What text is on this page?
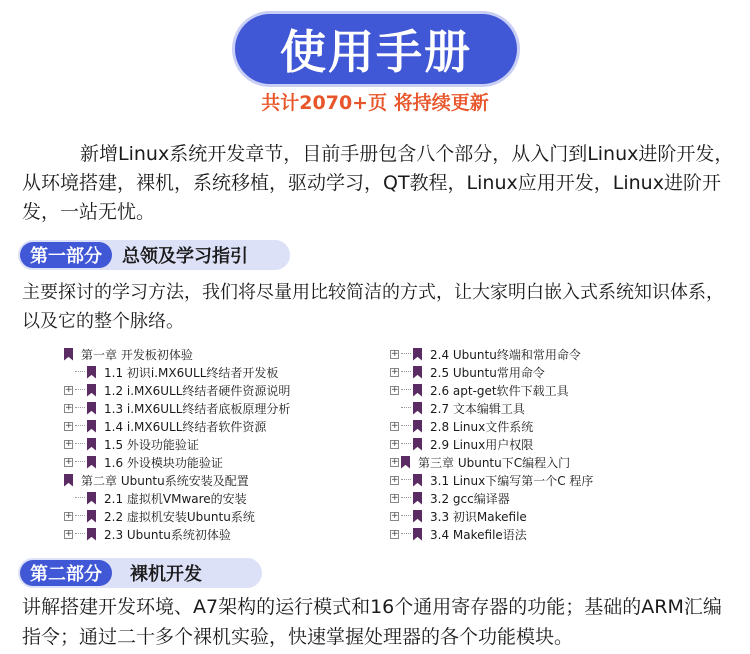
使用手册
共计2070+页 将持续更新
新增Linux系统开发章节，目前手册包含八个部分，从入门到Linux进阶开发，从环境搭建，裸机，系统移植，驱动学习，QT教程，Linux应用开发，Linux进阶开发，一站无忧。
第一部分	总领及学习指引
主要探讨的学习方法，我们将尽量用比较简洁的方式，让大家明白嵌入式系统知识体系，以及它的整个脉络。
第一章 开发板初体验
1.1 初识i.MX6ULL终结者开发板
+	1.2 i.MX6ULL终结者硬件资源说明
+	1.3 i.MX6ULL终结者底板原理分析
+	1.4 i.MX6ULL终结者软件资源
+	1.5 外设功能验证
+	1.6 外设模块功能验证
第二章 Ubuntu系统安装及配置
2.1 虚拟机VMware的安装
+	2.2 虚拟机安装Ubuntu系统
+	2.3 Ubuntu系统初体验
+	2.4 Ubuntu终端和常用命令
+	2.5 Ubuntu常用命令
+	2.6 apt-get软件下载工具
2.7 文本编辑工具
+	2.8 Linux文件系统
+	2.9 Linux用户权限
+ 第三章 Ubuntu下C编程入门
+	3.1 Linux下编写第一个C 程序
+	3.2 gcc编译器
+	3.3 初识Makefile
+	3.4 Makefile语法
第二部分	裸机开发
讲解搭建开发环境、A7架构的运行模式和16个通用寄存器的功能；基础的ARM汇编指令；通过二十多个裸机实验，快速掌握处理器的各个功能模块。
